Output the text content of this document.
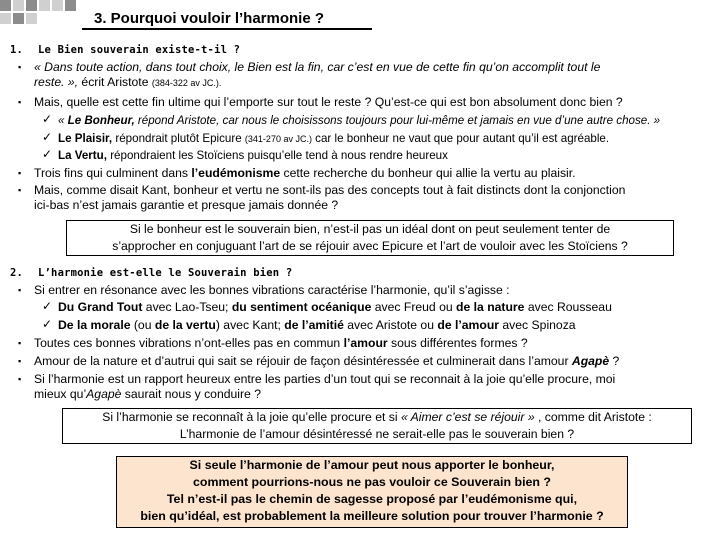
3. Pourquoi vouloir l’harmonie ?
1. Le Bien souverain existe-t-il ?
▪ « Dans toute action, dans tout choix, le Bien est la fin, car c’est en vue de cette fin qu’on accomplit tout le
reste. », écrit Aristote (384-322 av JC.).
▪ Mais, quelle est cette fin ultime qui l’emporte sur tout le reste ? Qu’est-ce qui est bon absolument donc bien ?
✓ « Le Bonheur, répond Aristote, car nous le choisissons toujours pour lui-même et jamais en vue d’une autre chose. »
✓ Le Plaisir, répondrait plutôt Epicure (341-270 av JC.) car le bonheur ne vaut que pour autant qu’il est agréable.
✓ La Vertu, répondraient les Stoïciens puisqu’elle tend à nous rendre heureux
▪ Trois fins qui culminent dans l’eudémonisme cette recherche du bonheur qui allie la vertu au plaisir.
▪ Mais, comme disait Kant, bonheur et vertu ne sont-ils pas des concepts tout à fait distincts dont la conjonction
ici-bas n’est jamais garantie et presque jamais donnée ?
Si le bonheur est le souverain bien, n’est-il pas un idéal dont on peut seulement tenter de
s’approcher en conjuguant l’art de se réjouir avec Epicure et l’art de vouloir avec les Stoïciens ?
2. L’harmonie est-elle le Souverain bien ?
▪ Si entrer en résonance avec les bonnes vibrations caractérise l’harmonie, qu’il s’agisse :
✓ Du Grand Tout avec Lao-Tseu; du sentiment océanique avec Freud ou de la nature avec Rousseau
✓ De la morale (ou de la vertu) avec Kant; de l’amitié avec Aristote ou de l’amour avec Spinoza
▪ Toutes ces bonnes vibrations n’ont-elles pas en commun l’amour sous différentes formes ?
▪ Amour de la nature et d’autrui qui sait se réjouir de façon désintéressée et culminerait dans l’amour Agapè ?
▪ Si l’harmonie est un rapport heureux entre les parties d’un tout qui se reconnait à la joie qu’elle procure, moi
mieux qu’Agapè saurait nous y conduire ?
Si l’harmonie se reconnaît à la joie qu’elle procure et si « Aimer c’est se réjouir » , comme dit Aristote :
L’harmonie de l’amour désintéressé ne serait-elle pas le souverain bien ?
Si seule l’harmonie de l’amour peut nous apporter le bonheur,
comment pourrions-nous ne pas vouloir ce Souverain bien ?
Tel n’est-il pas le chemin de sagesse proposé par l’eudémonisme qui,
bien qu’idéal, est probablement la meilleure solution pour trouver l’harmonie ?
